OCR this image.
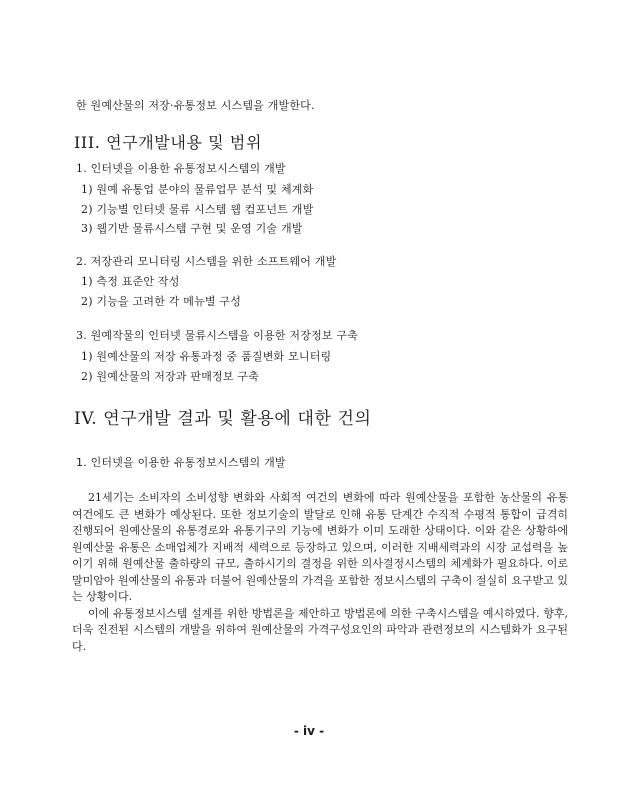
한 원예산물의 저장·유통정보 시스템을 개발한다.
III. 연구개발내용 및 범위
1. 인터넷을 이용한 유통정보시스템의 개발
1) 원예 유통업 분야의 물류업무 분석 및 체계화
2) 기능별 인터넷 물류 시스템 웹 컴포넌트 개발
3) 웹기반 물류시스템 구현 및 운영 기술 개발
2. 저장관리 모니터링 시스템을 위한 소프트웨어 개발
1) 측정 표준안 작성
2) 기능을 고려한 각 메뉴별 구성
3. 원예작물의 인터넷 물류시스템을 이용한 저장정보 구축
1) 원예산물의 저장 유통과정 중 품질변화 모니터링
2) 원예산물의 저장과 판매정보 구축
IV. 연구개발 결과 및 활용에 대한 건의
1. 인터넷을 이용한 유통정보시스템의 개발

21세기는 소비자의 소비성향 변화와 사회적 여건의 변화에 따라 원예산물을 포함한 농산물의 유통 여건에도 큰 변화가 예상된다. 또한 정보기술의 발달로 인해 유통 단계간 수직적 수평적 통합이 급격히 진행되어 원예산물의 유통경로와 유통기구의 기능에 변화가 이미 도래한 상태이다. 이와 같은 상황하에 원예산물 유통은 소매업체가 지배적 세력으로 등장하고 있으며, 이러한 지배세력과의 시장 교섭력을 높이기 위해 원예산물 출하량의 규모, 출하시기의 결정을 위한 의사결정시스템의 체계화가 필요하다. 이로 말미암아 원예산물의 유통과 더불어 원예산물의 가격을 포함한 정보시스템의 구축이 절실히 요구받고 있는 상황이다.

이에 유통정보시스템 설계를 위한 방법론을 제안하고 방법론에 의한 구축시스템을 예시하였다. 향후, 더욱 진전된 시스템의 개발을 위하여 원예산물의 가격구성요인의 파악과 관련정보의 시스템화가 요구된다.

- iv -
